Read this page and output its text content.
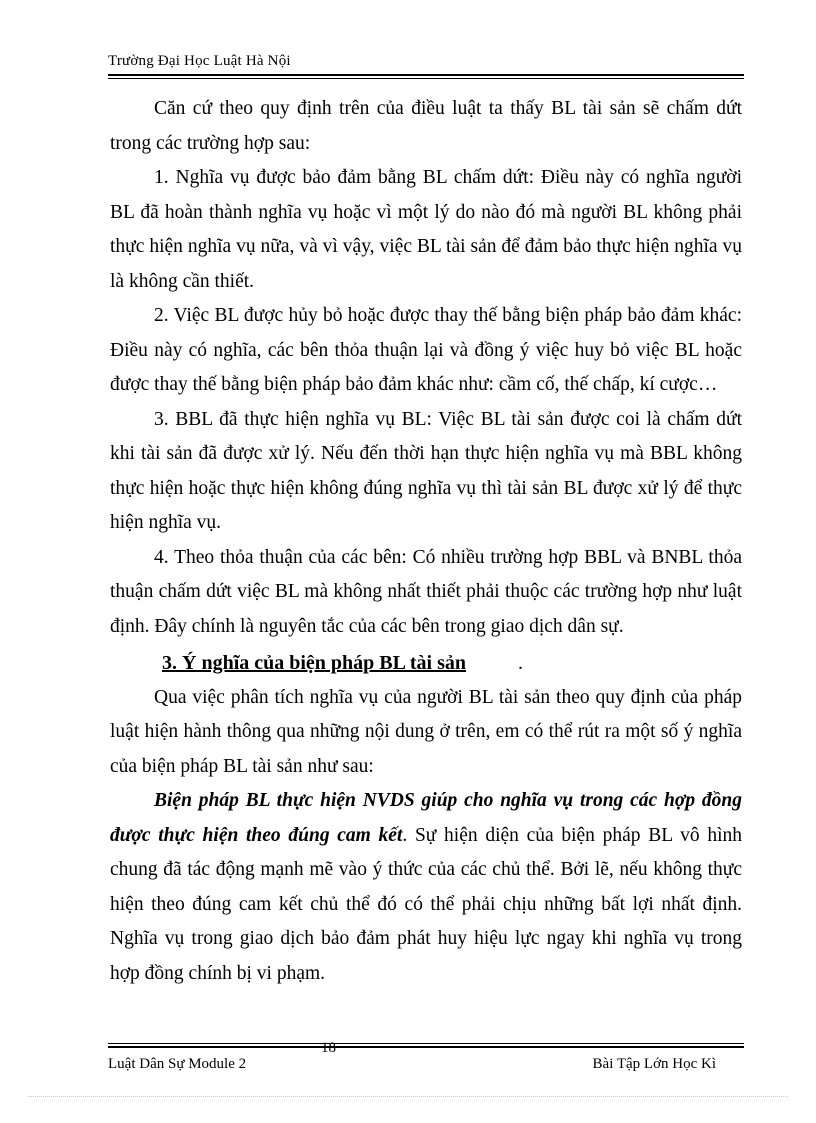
Trường Đại Học Luật Hà Nội

Căn cứ theo quy định trên của điều luật ta thấy BL tài sản sẽ chấm dứt trong các trường hợp sau:

1. Nghĩa vụ được bảo đảm bằng BL chấm dứt: Điều này có nghĩa người BL đã hoàn thành nghĩa vụ hoặc vì một lý do nào đó mà người BL không phải thực hiện nghĩa vụ nữa, và vì vậy, việc BL tài sản để đảm bảo thực hiện nghĩa vụ là không cần thiết.

2. Việc BL được hủy bỏ hoặc được thay thế bằng biện pháp bảo đảm khác: Điều này có nghĩa, các bên thỏa thuận lại và đồng ý việc huy bỏ việc BL hoặc được thay thế bằng biện pháp bảo đảm khác như: cầm cố, thế chấp, kí cược…

3. BBL đã thực hiện nghĩa vụ BL: Việc BL tài sản được coi là chấm dứt khi tài sản đã được xử lý. Nếu đến thời hạn thực hiện nghĩa vụ mà BBL không thực hiện hoặc thực hiện không đúng nghĩa vụ thì tài sản BL được xử lý để thực hiện nghĩa vụ.

4. Theo thỏa thuận của các bên: Có nhiều trường hợp BBL và BNBL thỏa thuận chấm dứt việc BL mà không nhất thiết phải thuộc các trường hợp như luật định. Đây chính là nguyên tắc của các bên trong giao dịch dân sự.

3. Ý nghĩa của biện pháp BL tài sản	.

Qua việc phân tích nghĩa vụ của người BL tài sản theo quy định của pháp luật hiện hành thông qua những nội dung ở trên, em có thể rút ra một số ý nghĩa của biện pháp BL tài sản như sau:

Biện pháp BL thực hiện NVDS giúp cho nghĩa vụ trong các hợp đồng được thực hiện theo đúng cam kết. Sự hiện diện của biện pháp BL vô hình chung đã tác động mạnh mẽ vào ý thức của các chủ thể. Bởi lẽ, nếu không thực hiện theo đúng cam kết chủ thể đó có thể phải chịu những bất lợi nhất định. Nghĩa vụ trong giao dịch bảo đảm phát huy hiệu lực ngay khi nghĩa vụ trong hợp đồng chính bị vi phạm.

18
Luật Dân Sự Module 2	Bài Tập Lớn Học Kì
